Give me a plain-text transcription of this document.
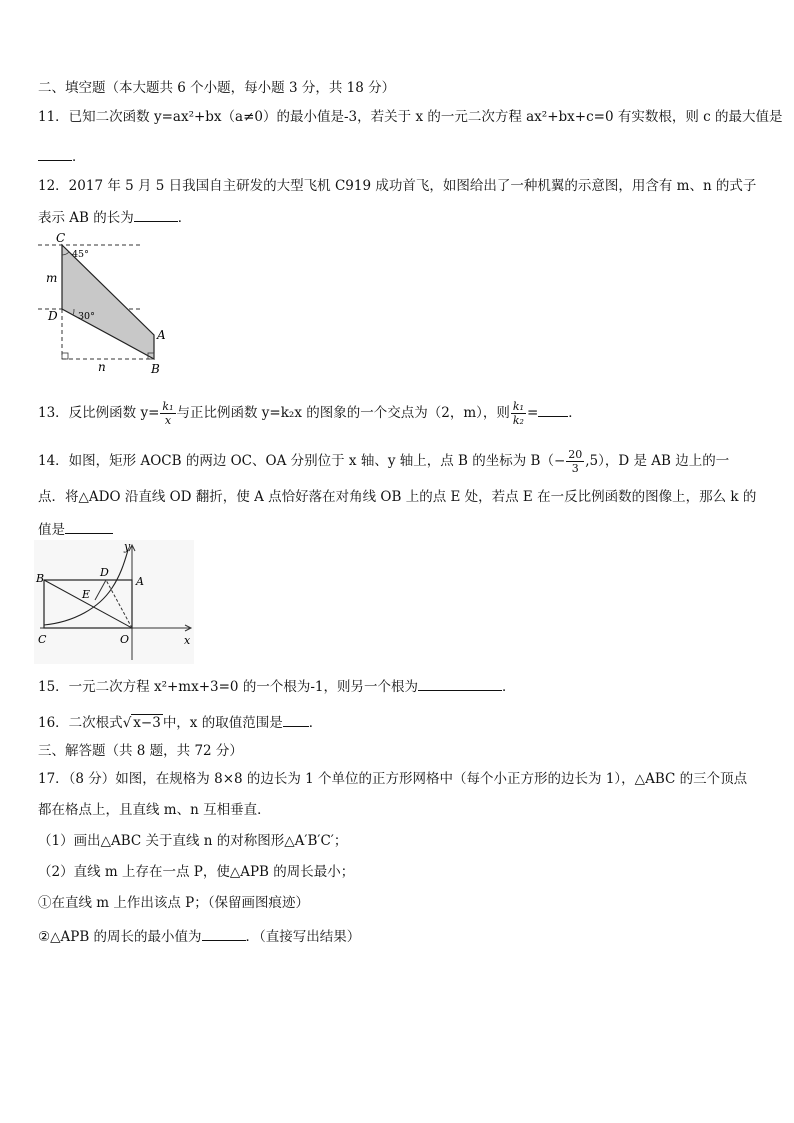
二、填空题（本大题共 6 个小题，每小题 3 分，共 18 分）
11．已知二次函数 y=ax²+bx（a≠0）的最小值是-3，若关于 x 的一元二次方程 ax²+bx+c=0 有实数根，则 c 的最大值是
．
12．2017 年 5 月 5 日我国自主研发的大型飞机 C919 成功首飞，如图给出了一种机翼的示意图，用含有 m、n 的式子
表示 AB 的长为	．
C
m
D
A
B
n
45°
30°
13．反比例函数 $y= \frac{\text{k₁}}{x}$ 与正比例函数 y=k₂x 的图象的一个交点为（2，m），则 $\frac{\text{k₁}}{\text{k₂}}$ = ．
14．如图，矩形 AOCB 的两边 OC、OA 分别位于 x 轴、y 轴上，点 B 的坐标为 $B(- \frac{20}{3} ,5)$，D 是 AB 边上的一
点．将△ADO 沿直线 OD 翻折，使 A 点恰好落在对角线 OB 上的点 E 处，若点 E 在一反比例函数的图像上，那么 k 的
值是
y
B	D
A
E
C	O	x
15．一元二次方程 x²+mx+3=0 的一个根为-1，则另一个根为	．
16．二次根式√ x−3 中，x 的取值范围是 ．
三、解答题（共 8 题，共 72 分）
17．（8 分）如图，在规格为 8×8 的边长为 1 个单位的正方形网格中（每个小正方形的边长为 1），△ABC 的三个顶点
都在格点上，且直线 m、n 互相垂直．
（1）画出△ABC 关于直线 n 的对称图形△A′B′C′；
（2）直线 m 上存在一点 P，使△APB 的周长最小；
①在直线 m 上作出该点 P；（保留画图痕迹）
②△APB 的周长的最小值为	．（直接写出结果）
